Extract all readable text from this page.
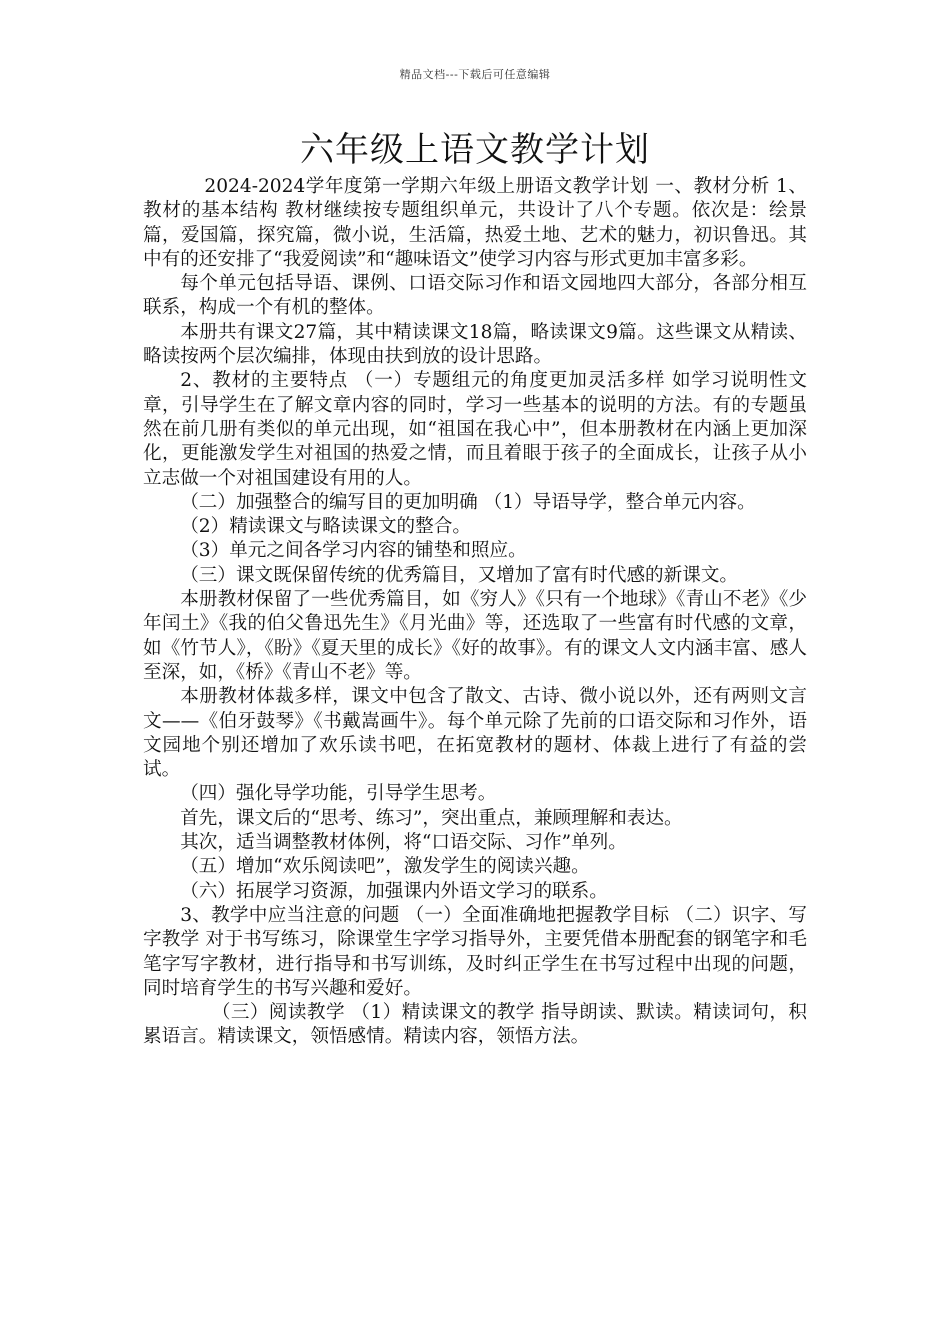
精品文档---下载后可任意编辑
六年级上语文教学计划

2024-2024学年度第一学期六年级上册语文教学计划 一、教材分析 1、教材的基本结构 教材继续按专题组织单元，共设计了八个专题。依次是：绘景篇，爱国篇，探究篇，微小说，生活篇，热爱土地、艺术的魅力，初识鲁迅。其中有的还安排了“我爱阅读”和“趣味语文”使学习内容与形式更加丰富多彩。

每个单元包括导语、课例、口语交际习作和语文园地四大部分，各部分相互联系，构成一个有机的整体。

本册共有课文27篇，其中精读课文18篇，略读课文9篇。这些课文从精读、略读按两个层次编排，体现由扶到放的设计思路。

2、教材的主要特点 （一）专题组元的角度更加灵活多样 如学习说明性文章，引导学生在了解文章内容的同时，学习一些基本的说明的方法。有的专题虽然在前几册有类似的单元出现，如“祖国在我心中”，但本册教材在内涵上更加深化，更能激发学生对祖国的热爱之情，而且着眼于孩子的全面成长，让孩子从小立志做一个对祖国建设有用的人。

（二）加强整合的编写目的更加明确 （1）导语导学，整合单元内容。

（2）精读课文与略读课文的整合。

（3）单元之间各学习内容的铺垫和照应。

（三）课文既保留传统的优秀篇目，又增加了富有时代感的新课文。

本册教材保留了一些优秀篇目，如《穷人》《只有一个地球》《青山不老》《少年闰土》《我的伯父鲁迅先生》《月光曲》等，还选取了一些富有时代感的文章，如《竹节人》，《盼》《夏天里的成长》《好的故事》。有的课文人文内涵丰富、感人至深，如，《桥》《青山不老》等。

本册教材体裁多样，课文中包含了散文、古诗、微小说以外，还有两则文言文——《伯牙鼓琴》《书戴嵩画牛》。每个单元除了先前的口语交际和习作外，语文园地个别还增加了欢乐读书吧，在拓宽教材的题材、体裁上进行了有益的尝试。

（四）强化导学功能，引导学生思考。

首先，课文后的“思考、练习”，突出重点，兼顾理解和表达。

其次，适当调整教材体例，将“口语交际、习作”单列。

（五）增加“欢乐阅读吧”，激发学生的阅读兴趣。

（六）拓展学习资源，加强课内外语文学习的联系。

3、教学中应当注意的问题 （一）全面准确地把握教学目标 （二）识字、写字教学 对于书写练习，除课堂生字学习指导外，主要凭借本册配套的钢笔字和毛笔字写字教材，进行指导和书写训练，及时纠正学生在书写过程中出现的问题，同时培育学生的书写兴趣和爱好。

（三）阅读教学 （1）精读课文的教学 指导朗读、默读。精读词句，积累语言。精读课文，领悟感情。精读内容，领悟方法。
